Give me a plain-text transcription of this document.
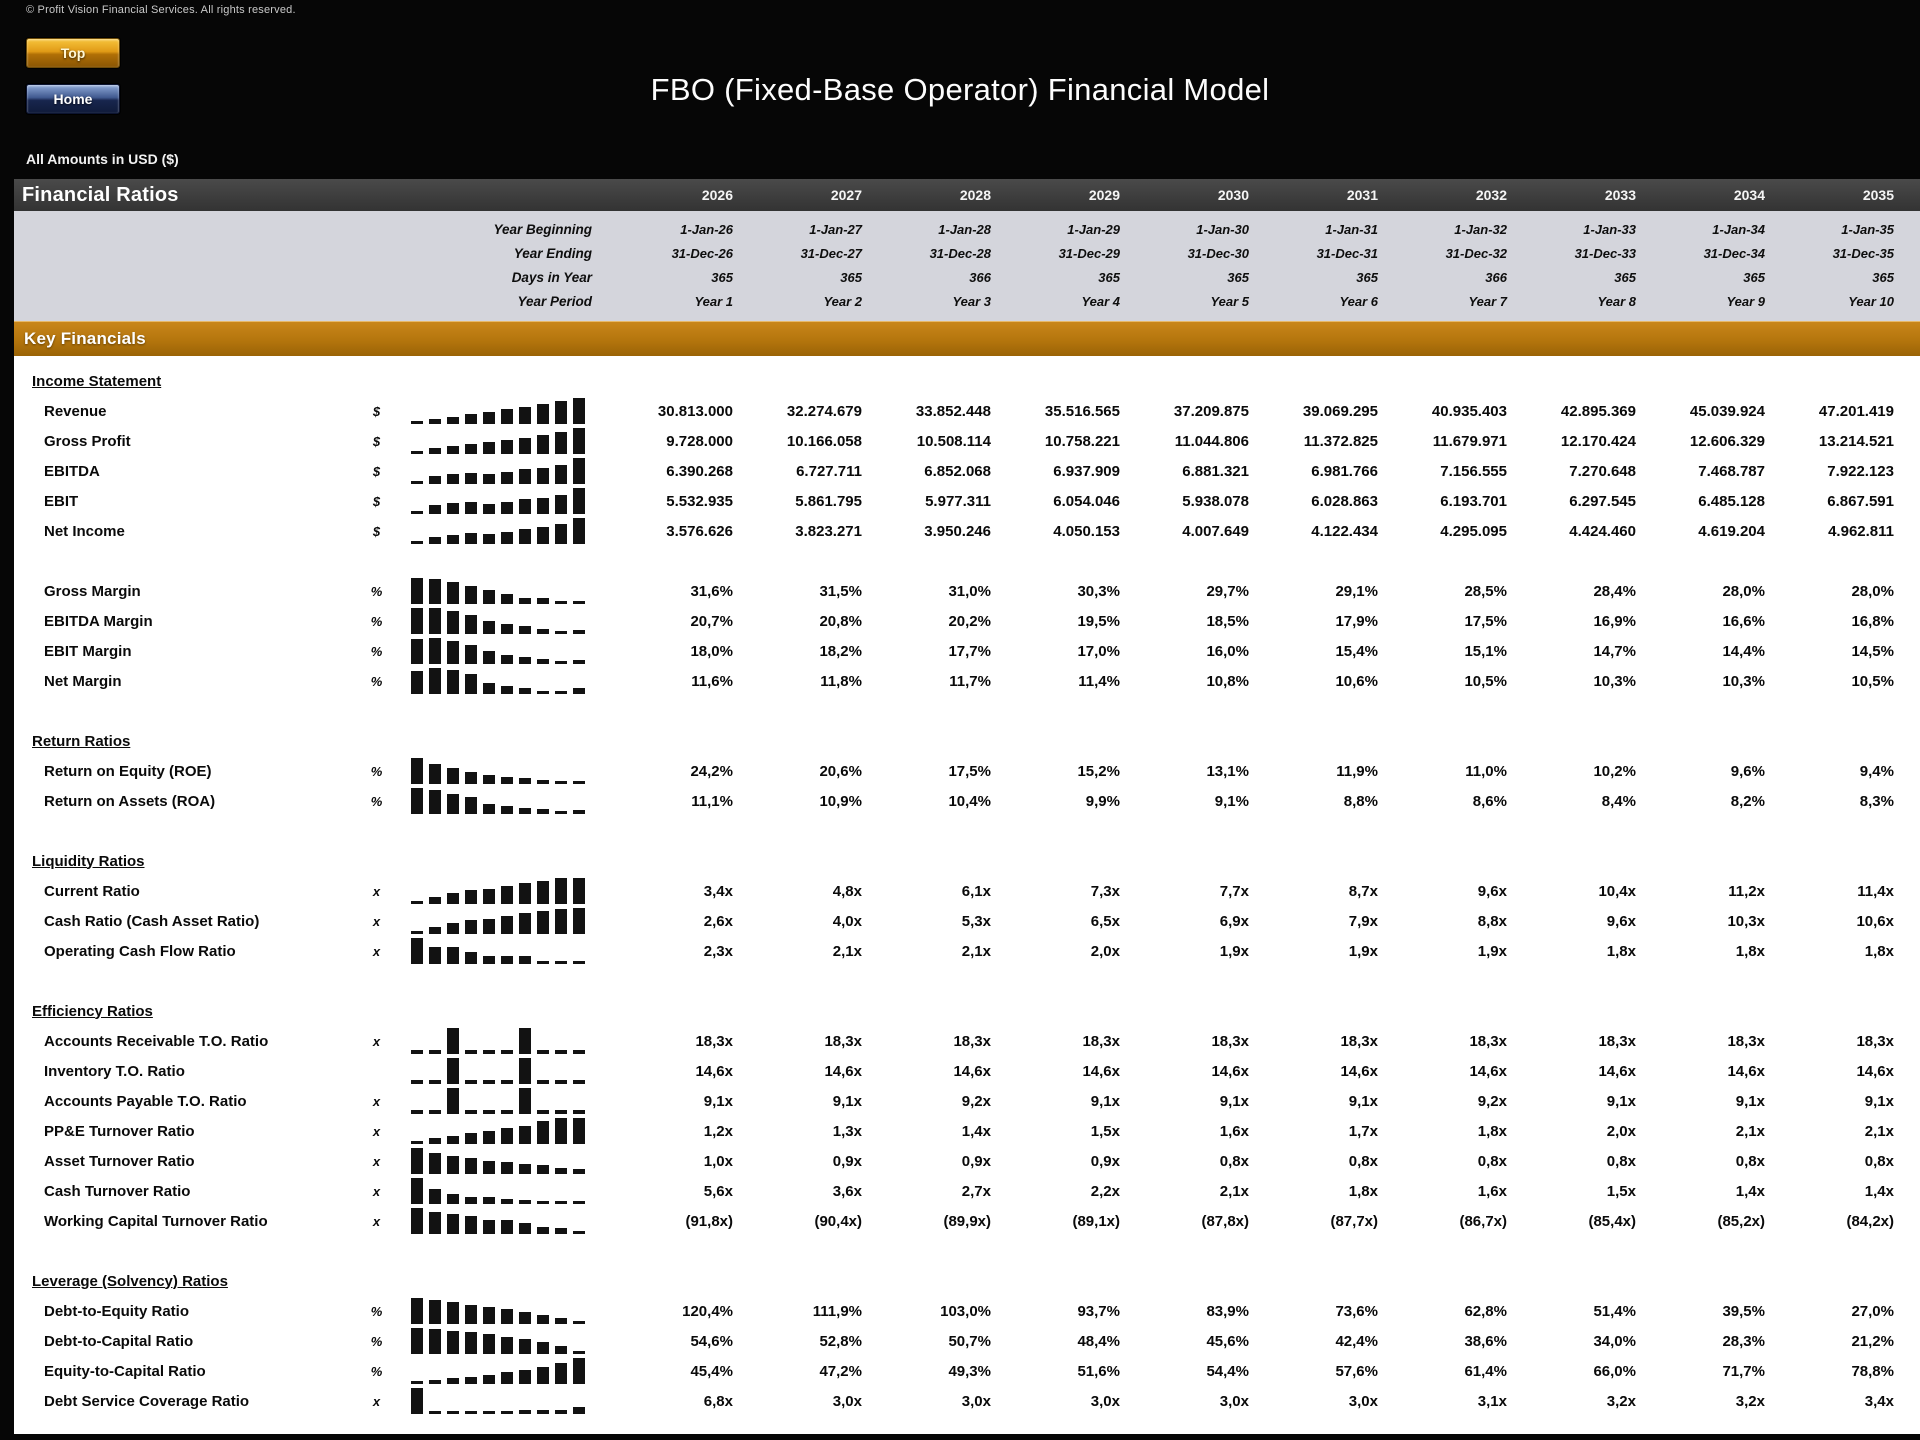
© Profit Vision Financial Services. All rights reserved.
Top
Home	FBO (Fixed-Base Operator) Financial Model
All Amounts in USD ($)
Financial Ratios	2026	2027	2028	2029	2030	2031	2032	2033	2034	2035
Year Beginning	1-Jan-26	1-Jan-27	1-Jan-28	1-Jan-29	1-Jan-30	1-Jan-31	1-Jan-32	1-Jan-33	1-Jan-34	1-Jan-35
Year Ending	31-Dec-26	31-Dec-27	31-Dec-28	31-Dec-29	31-Dec-30	31-Dec-31	31-Dec-32	31-Dec-33	31-Dec-34	31-Dec-35
Days in Year	365	365	366	365	365	365	366	365	365	365
Year Period	Year 1	Year 2	Year 3	Year 4	Year 5	Year 6	Year 7	Year 8	Year 9	Year 10
Key Financials
Income Statement
Revenue	$	30.813.000	32.274.679	33.852.448	35.516.565	37.209.875	39.069.295	40.935.403	42.895.369	45.039.924	47.201.419
Gross Profit	$	9.728.000	10.166.058	10.508.114	10.758.221	11.044.806	11.372.825	11.679.971	12.170.424	12.606.329	13.214.521
EBITDA	$	6.390.268	6.727.711	6.852.068	6.937.909	6.881.321	6.981.766	7.156.555	7.270.648	7.468.787	7.922.123
EBIT	$	5.532.935	5.861.795	5.977.311	6.054.046	5.938.078	6.028.863	6.193.701	6.297.545	6.485.128	6.867.591
Net Income	$	3.576.626	3.823.271	3.950.246	4.050.153	4.007.649	4.122.434	4.295.095	4.424.460	4.619.204	4.962.811
Gross Margin	%	31,6%	31,5%	31,0%	30,3%	29,7%	29,1%	28,5%	28,4%	28,0%	28,0%
EBITDA Margin	%	20,7%	20,8%	20,2%	19,5%	18,5%	17,9%	17,5%	16,9%	16,6%	16,8%
EBIT Margin	%	18,0%	18,2%	17,7%	17,0%	16,0%	15,4%	15,1%	14,7%	14,4%	14,5%
Net Margin	%	11,6%	11,8%	11,7%	11,4%	10,8%	10,6%	10,5%	10,3%	10,3%	10,5%
Return Ratios
Return on Equity (ROE)	%	24,2%	20,6%	17,5%	15,2%	13,1%	11,9%	11,0%	10,2%	9,6%	9,4%
Return on Assets (ROA)	%	11,1%	10,9%	10,4%	9,9%	9,1%	8,8%	8,6%	8,4%	8,2%	8,3%
Liquidity Ratios
Current Ratio	x	3,4x	4,8x	6,1x	7,3x	7,7x	8,7x	9,6x	10,4x	11,2x	11,4x
Cash Ratio (Cash Asset Ratio)	x	2,6x	4,0x	5,3x	6,5x	6,9x	7,9x	8,8x	9,6x	10,3x	10,6x
Operating Cash Flow Ratio	x	2,3x	2,1x	2,1x	2,0x	1,9x	1,9x	1,9x	1,8x	1,8x	1,8x
Efficiency Ratios
Accounts Receivable T.O. Ratio	x	18,3x	18,3x	18,3x	18,3x	18,3x	18,3x	18,3x	18,3x	18,3x	18,3x
Inventory T.O. Ratio	14,6x	14,6x	14,6x	14,6x	14,6x	14,6x	14,6x	14,6x	14,6x	14,6x
Accounts Payable T.O. Ratio	x	9,1x	9,1x	9,2x	9,1x	9,1x	9,1x	9,2x	9,1x	9,1x	9,1x
PP&E Turnover Ratio	x	1,2x	1,3x	1,4x	1,5x	1,6x	1,7x	1,8x	2,0x	2,1x	2,1x
Asset Turnover Ratio	x	1,0x	0,9x	0,9x	0,9x	0,8x	0,8x	0,8x	0,8x	0,8x	0,8x
Cash Turnover Ratio	x	5,6x	3,6x	2,7x	2,2x	2,1x	1,8x	1,6x	1,5x	1,4x	1,4x
Working Capital Turnover Ratio	x	(91,8x)	(90,4x)	(89,9x)	(89,1x)	(87,8x)	(87,7x)	(86,7x)	(85,4x)	(85,2x)	(84,2x)
Leverage (Solvency) Ratios
Debt-to-Equity Ratio	%	120,4%	111,9%	103,0%	93,7%	83,9%	73,6%	62,8%	51,4%	39,5%	27,0%
Debt-to-Capital Ratio	%	54,6%	52,8%	50,7%	48,4%	45,6%	42,4%	38,6%	34,0%	28,3%	21,2%
Equity-to-Capital Ratio	%	45,4%	47,2%	49,3%	51,6%	54,4%	57,6%	61,4%	66,0%	71,7%	78,8%
Debt Service Coverage Ratio	x	6,8x	3,0x	3,0x	3,0x	3,0x	3,0x	3,1x	3,2x	3,2x	3,4x
